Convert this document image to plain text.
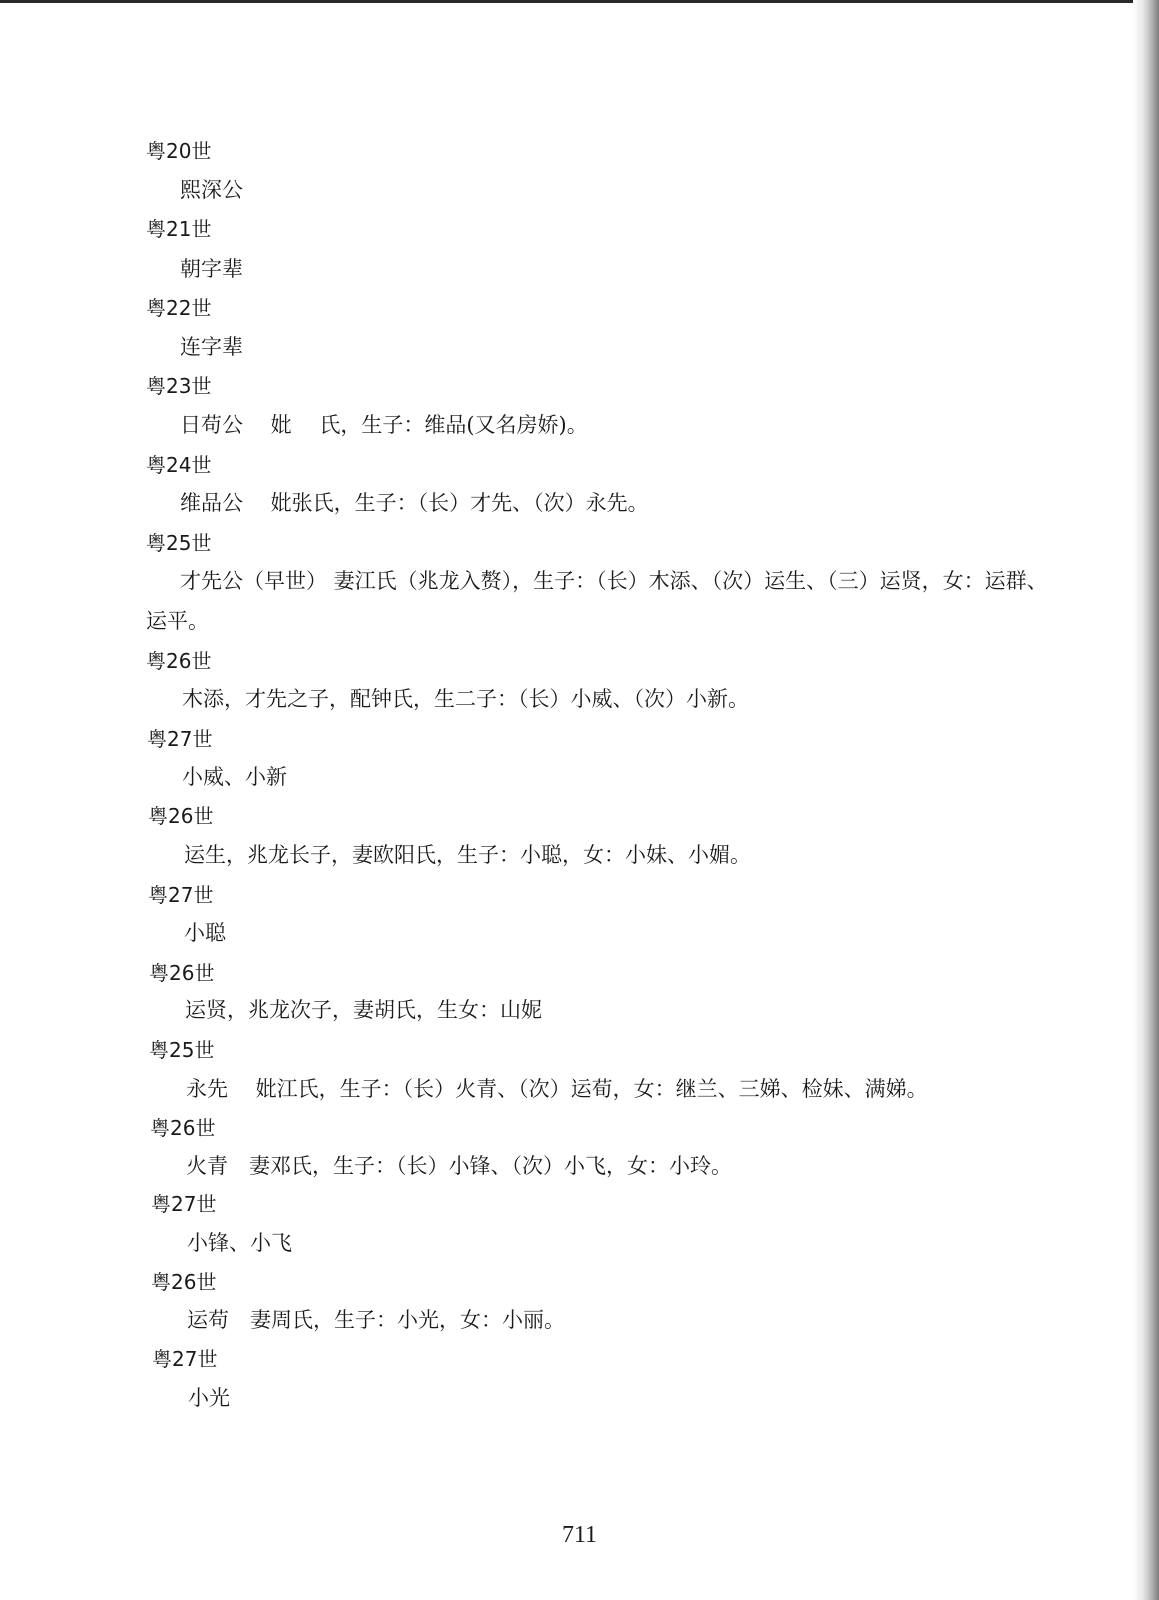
粤20世
熙深公
粤21世
朝字辈
粤22世
连字辈
粤23世
日苟公　 妣　 氏，生子：维品(又名房娇)。
粤24世
维品公　 妣张氏，生子：（长）才先、（次）永先。
粤25世
才先公（早世） 妻江氏（兆龙入赘），生子：（长）木添、（次）运生、（三）运贤，女：运群、
运平。
粤26世
木添，才先之子，配钟氏，生二子：（长）小威、（次）小新。
粤27世
小威、小新
粤26世
运生，兆龙长子，妻欧阳氏，生子：小聪，女：小妹、小媚。
粤27世
小聪
粤26世
运贤，兆龙次子，妻胡氏，生女：山妮
粤25世
永先　 妣江氏，生子：（长）火青、（次）运荀，女：继兰、三娣、检妹、满娣。
粤26世
火青　妻邓氏，生子：（长）小锋、（次）小飞，女：小玲。
粤27世
小锋、小飞
粤26世
运苟　妻周氏，生子：小光，女：小丽。
粤27世
小光
711
